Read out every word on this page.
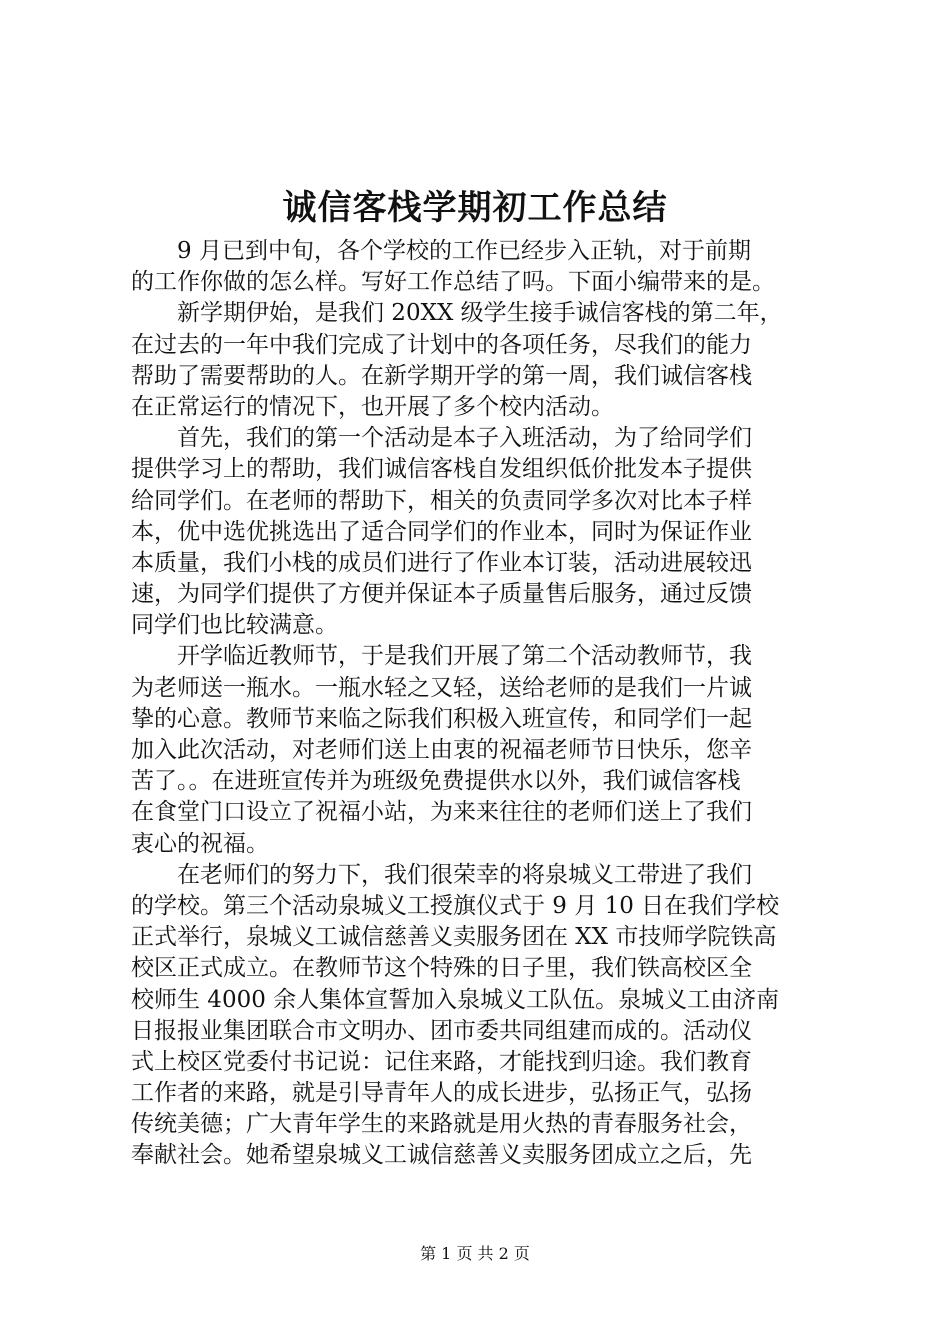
诚信客栈学期初工作总结
　　9 月已到中旬，各个学校的工作已经步入正轨，对于前期
的工作你做的怎么样。写好工作总结了吗。下面小编带来的是。
　　新学期伊始，是我们 20XX 级学生接手诚信客栈的第二年，
在过去的一年中我们完成了计划中的各项任务，尽我们的能力
帮助了需要帮助的人。在新学期开学的第一周，我们诚信客栈
在正常运行的情况下，也开展了多个校内活动。
　　首先，我们的第一个活动是本子入班活动，为了给同学们
提供学习上的帮助，我们诚信客栈自发组织低价批发本子提供
给同学们。在老师的帮助下，相关的负责同学多次对比本子样
本，优中选优挑选出了适合同学们的作业本，同时为保证作业
本质量，我们小栈的成员们进行了作业本订装，活动进展较迅
速，为同学们提供了方便并保证本子质量售后服务，通过反馈
同学们也比较满意。
　　开学临近教师节，于是我们开展了第二个活动教师节，我
为老师送一瓶水。一瓶水轻之又轻，送给老师的是我们一片诚
挚的心意。教师节来临之际我们积极入班宣传，和同学们一起
加入此次活动，对老师们送上由衷的祝福老师节日快乐，您辛
苦了。。在进班宣传并为班级免费提供水以外，我们诚信客栈
在食堂门口设立了祝福小站，为来来往往的老师们送上了我们
衷心的祝福。
　　在老师们的努力下，我们很荣幸的将泉城义工带进了我们
的学校。第三个活动泉城义工授旗仪式于 9 月 10 日在我们学校
正式举行，泉城义工诚信慈善义卖服务团在 XX 市技师学院铁高
校区正式成立。在教师节这个特殊的日子里，我们铁高校区全
校师生 4000 余人集体宣誓加入泉城义工队伍。泉城义工由济南
日报报业集团联合市文明办、团市委共同组建而成的。活动仪
式上校区党委付书记说：记住来路，才能找到归途。我们教育
工作者的来路，就是引导青年人的成长进步，弘扬正气，弘扬
传统美德；广大青年学生的来路就是用火热的青春服务社会，
奉献社会。她希望泉城义工诚信慈善义卖服务团成立之后，先
第 1 页 共 2 页
